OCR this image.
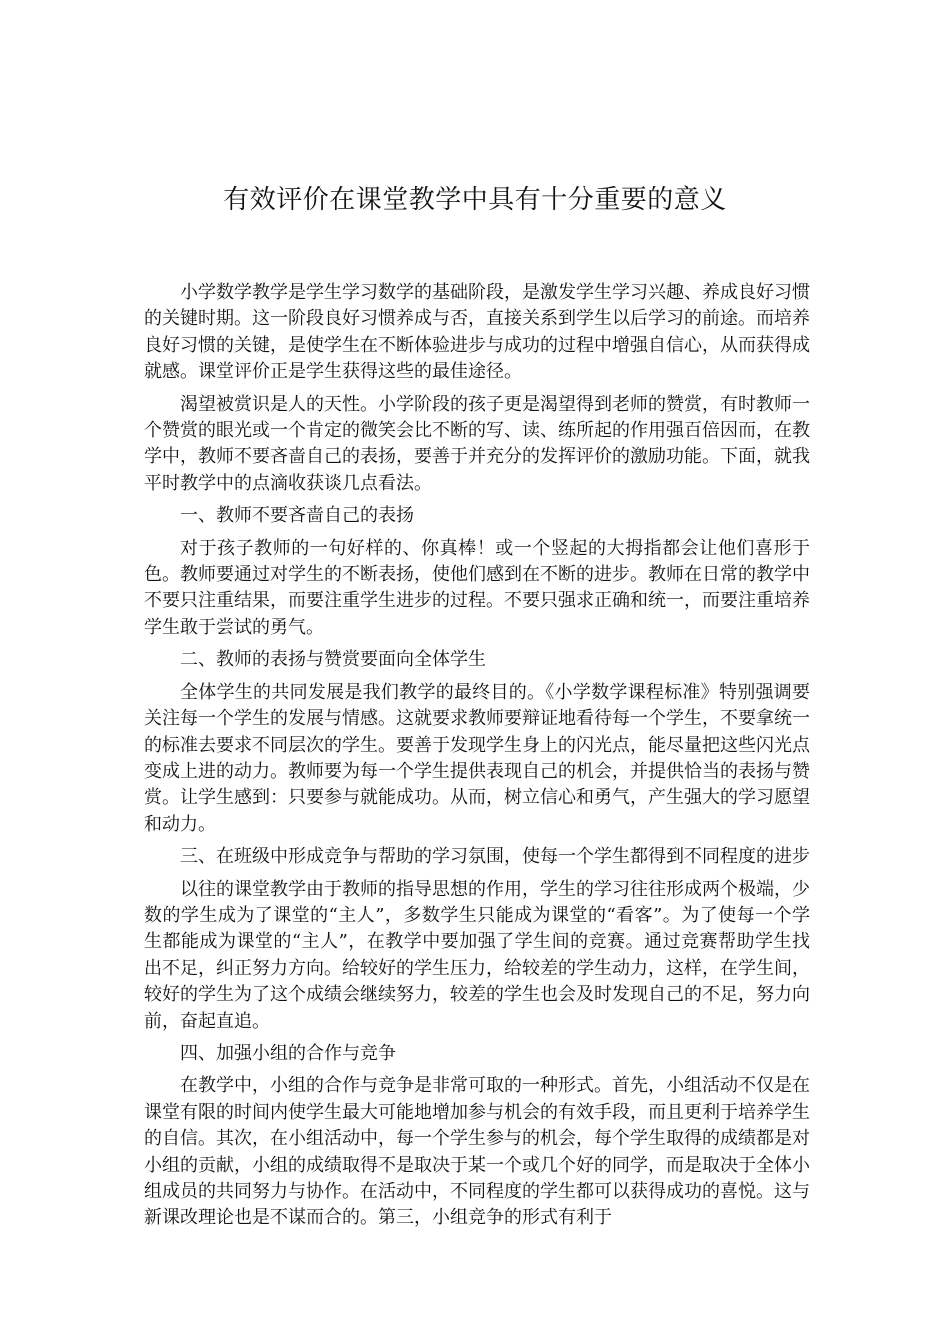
有效评价在课堂教学中具有十分重要的意义

小学数学教学是学生学习数学的基础阶段，是激发学生学习兴趣、养成良好习惯的关键时期。这一阶段良好习惯养成与否，直接关系到学生以后学习的前途。而培养良好习惯的关键，是使学生在不断体验进步与成功的过程中增强自信心，从而获得成就感。课堂评价正是学生获得这些的最佳途径。

渴望被赏识是人的天性。小学阶段的孩子更是渴望得到老师的赞赏，有时教师一个赞赏的眼光或一个肯定的微笑会比不断的写、读、练所起的作用强百倍因而，在教学中，教师不要吝啬自己的表扬，要善于并充分的发挥评价的激励功能。下面，就我平时教学中的点滴收获谈几点看法。

一、教师不要吝啬自己的表扬

对于孩子教师的一句好样的、你真棒！或一个竖起的大拇指都会让他们喜形于色。教师要通过对学生的不断表扬，使他们感到在不断的进步。教师在日常的教学中不要只注重结果，而要注重学生进步的过程。不要只强求正确和统一，而要注重培养学生敢于尝试的勇气。

二、教师的表扬与赞赏要面向全体学生

全体学生的共同发展是我们教学的最终目的。《小学数学课程标准》特别强调要关注每一个学生的发展与情感。这就要求教师要辩证地看待每一个学生，不要拿统一的标准去要求不同层次的学生。要善于发现学生身上的闪光点，能尽量把这些闪光点变成上进的动力。教师要为每一个学生提供表现自己的机会，并提供恰当的表扬与赞赏。让学生感到：只要参与就能成功。从而，树立信心和勇气，产生强大的学习愿望和动力。

三、在班级中形成竞争与帮助的学习氛围，使每一个学生都得到不同程度的进步

以往的课堂教学由于教师的指导思想的作用，学生的学习往往形成两个极端，少数的学生成为了课堂的“主人”，多数学生只能成为课堂的“看客”。为了使每一个学生都能成为课堂的“主人”，在教学中要加强了学生间的竞赛。通过竞赛帮助学生找出不足，纠正努力方向。给较好的学生压力，给较差的学生动力，这样，在学生间，较好的学生为了这个成绩会继续努力，较差的学生也会及时发现自己的不足，努力向前，奋起直追。

四、加强小组的合作与竞争

在教学中，小组的合作与竞争是非常可取的一种形式。首先，小组活动不仅是在课堂有限的时间内使学生最大可能地增加参与机会的有效手段，而且更利于培养学生的自信。其次，在小组活动中，每一个学生参与的机会，每个学生取得的成绩都是对小组的贡献，小组的成绩取得不是取决于某一个或几个好的同学，而是取决于全体小组成员的共同努力与协作。在活动中，不同程度的学生都可以获得成功的喜悦。这与新课改理论也是不谋而合的。第三，小组竞争的形式有利于
